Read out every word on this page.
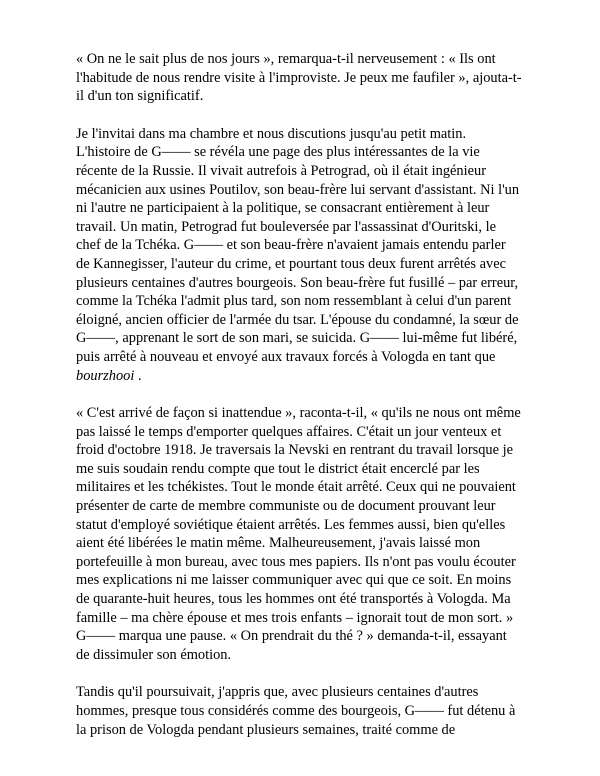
« On ne le sait plus de nos jours », remarqua-t-il nerveusement : « Ils ont l'habitude de nous rendre visite à l'improviste. Je peux me faufiler », ajouta-t-il d'un ton significatif.

Je l'invitai dans ma chambre et nous discutions jusqu'au petit matin. L'histoire de G—— se révéla une page des plus intéressantes de la vie récente de la Russie. Il vivait autrefois à Petrograd, où il était ingénieur mécanicien aux usines Poutilov, son beau-frère lui servant d'assistant. Ni l'un ni l'autre ne participaient à la politique, se consacrant entièrement à leur travail. Un matin, Petrograd fut bouleversée par l'assassinat d'Ouritski, le chef de la Tchéka. G—— et son beau-frère n'avaient jamais entendu parler de Kannegisser, l'auteur du crime, et pourtant tous deux furent arrêtés avec plusieurs centaines d'autres bourgeois. Son beau-frère fut fusillé – par erreur, comme la Tchéka l'admit plus tard, son nom ressemblant à celui d'un parent éloigné, ancien officier de l'armée du tsar. L'épouse du condamné, la sœur de G——, apprenant le sort de son mari, se suicida. G—— lui-même fut libéré, puis arrêté à nouveau et envoyé aux travaux forcés à Vologda en tant que bourzhooi .

« C'est arrivé de façon si inattendue », raconta-t-il, « qu'ils ne nous ont même pas laissé le temps d'emporter quelques affaires. C'était un jour venteux et froid d'octobre 1918. Je traversais la Nevski en rentrant du travail lorsque je me suis soudain rendu compte que tout le district était encerclé par les militaires et les tchékistes. Tout le monde était arrêté. Ceux qui ne pouvaient présenter de carte de membre communiste ou de document prouvant leur statut d'employé soviétique étaient arrêtés. Les femmes aussi, bien qu'elles aient été libérées le matin même. Malheureusement, j'avais laissé mon portefeuille à mon bureau, avec tous mes papiers. Ils n'ont pas voulu écouter mes explications ni me laisser communiquer avec qui que ce soit. En moins de quarante-huit heures, tous les hommes ont été transportés à Vologda. Ma famille – ma chère épouse et mes trois enfants – ignorait tout de mon sort. » G—— marqua une pause. « On prendrait du thé ? » demanda-t-il, essayant de dissimuler son émotion.

Tandis qu'il poursuivait, j'appris que, avec plusieurs centaines d'autres hommes, presque tous considérés comme des bourgeois, G—— fut détenu à la prison de Vologda pendant plusieurs semaines, traité comme de
